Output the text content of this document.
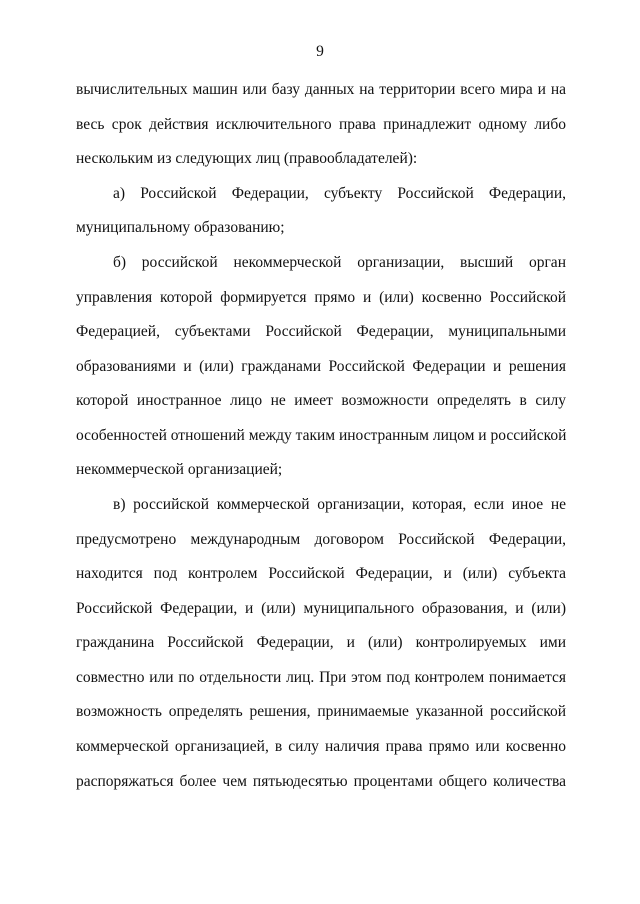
9
вычислительных машин или базу данных на территории всего мира и на
весь срок действия исключительного права принадлежит одному либо
нескольким из следующих лиц (правообладателей):
а) Российской Федерации, субъекту Российской Федерации,
муниципальному образованию;
б) российской некоммерческой организации, высший орган
управления которой формируется прямо и (или) косвенно Российской
Федерацией, субъектами Российской Федерации, муниципальными
образованиями и (или) гражданами Российской Федерации и решения
которой иностранное лицо не имеет возможности определять в силу
особенностей отношений между таким иностранным лицом и российской
некоммерческой организацией;
в) российской коммерческой организации, которая, если иное не
предусмотрено международным договором Российской Федерации,
находится под контролем Российской Федерации, и (или) субъекта
Российской Федерации, и (или) муниципального образования, и (или)
гражданина Российской Федерации, и (или) контролируемых ими
совместно или по отдельности лиц. При этом под контролем понимается
возможность определять решения, принимаемые указанной российской
коммерческой организацией, в силу наличия права прямо или косвенно
распоряжаться более чем пятьюдесятью процентами общего количества
